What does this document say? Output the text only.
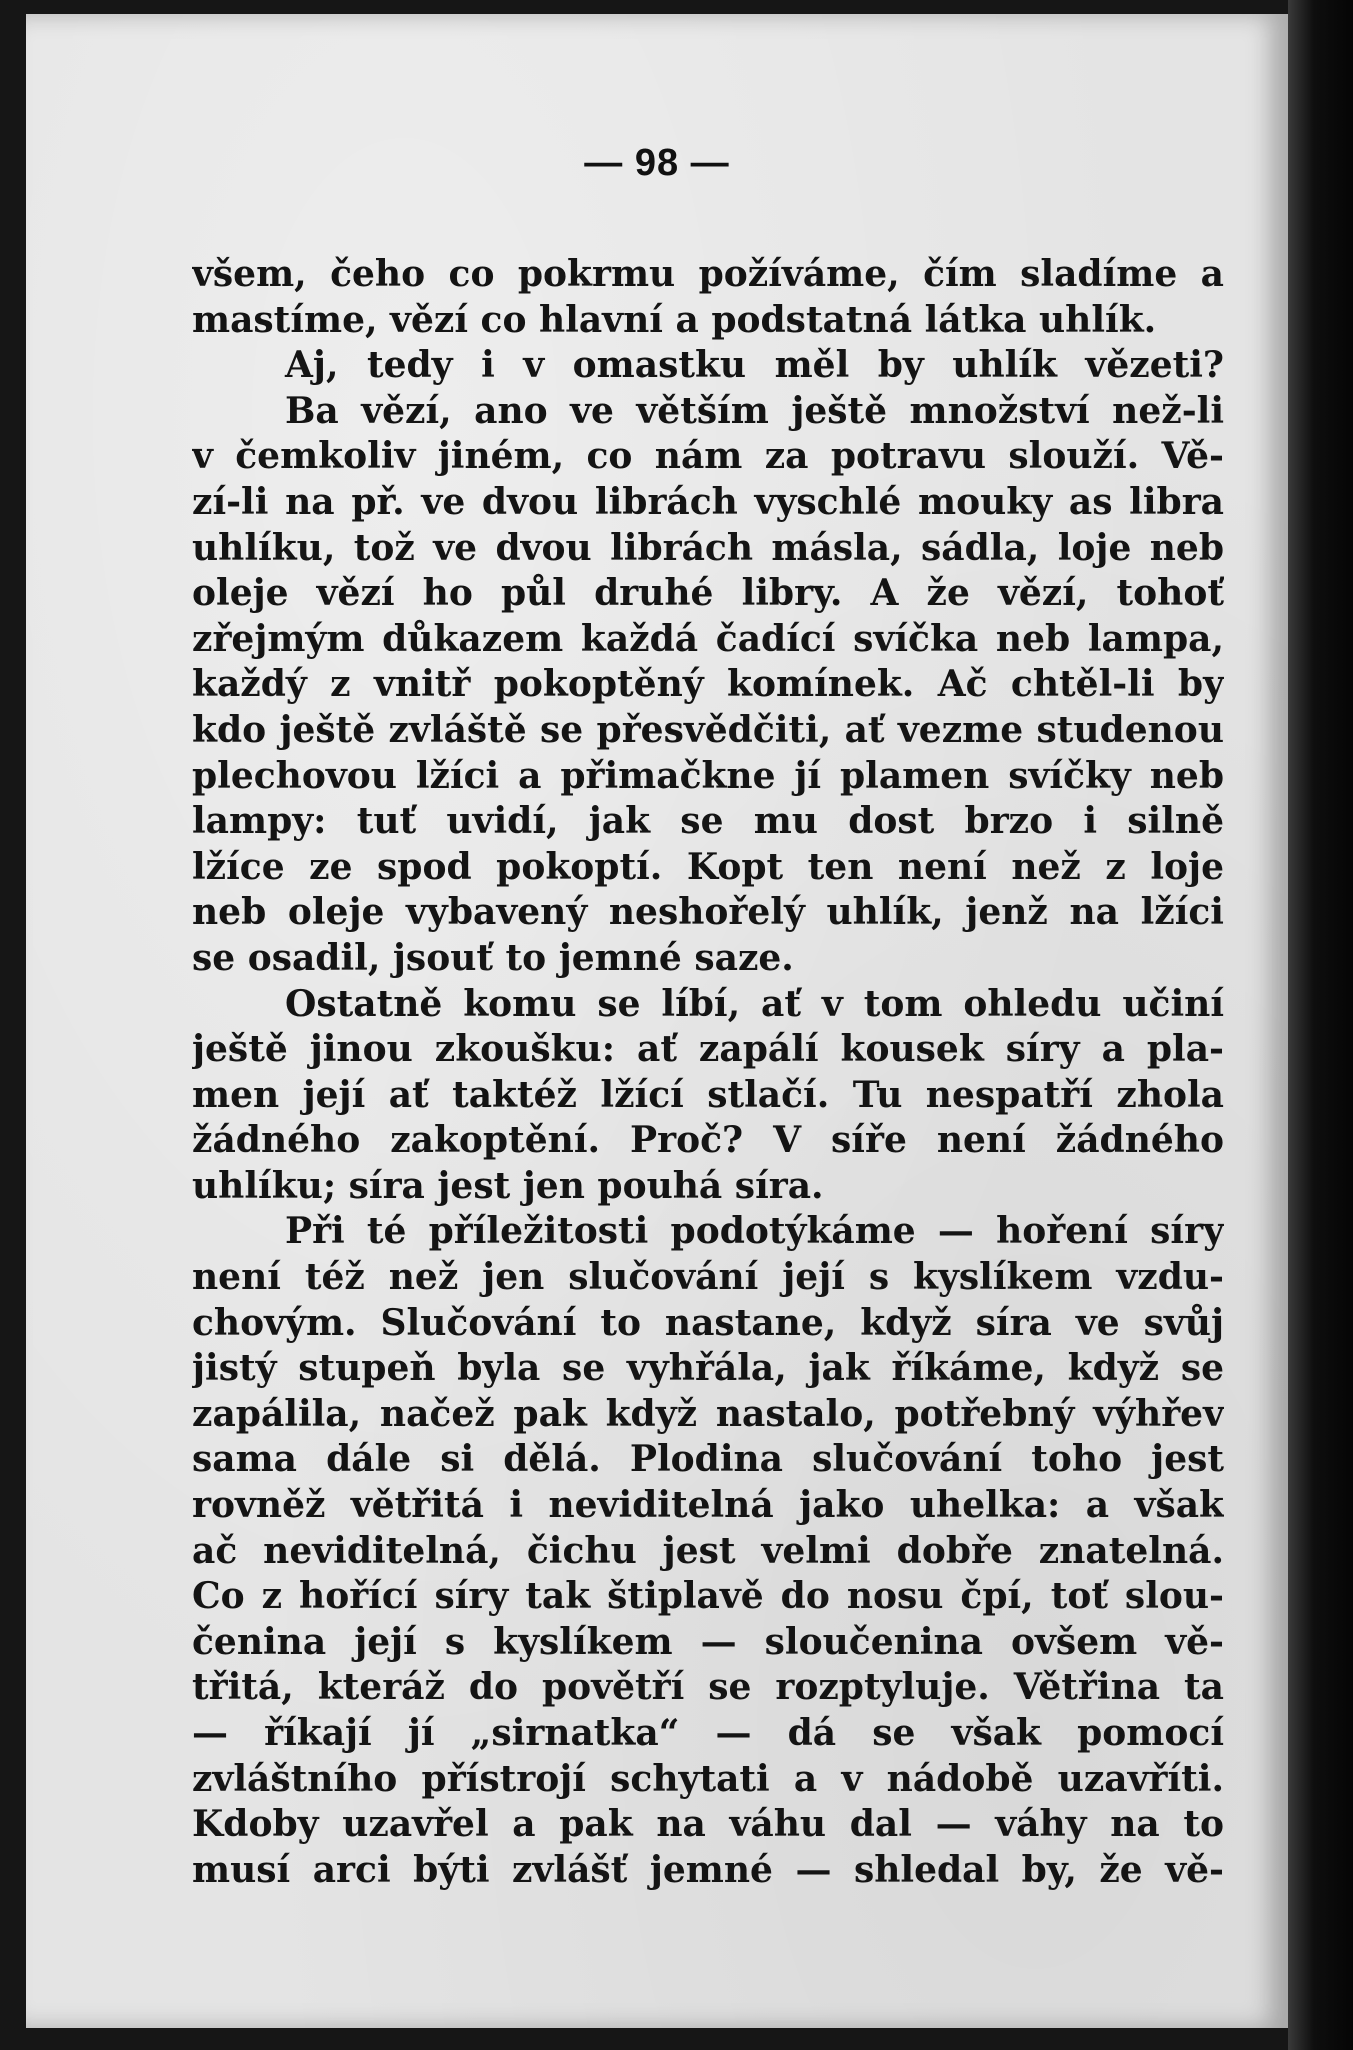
— 98 —
všem, čeho co pokrmu požíváme, čím sladíme a
mastíme, vězí co hlavní a podstatná látka uhlík.
Aj, tedy i v omastku měl by uhlík vězeti?
Ba vězí, ano ve větším ještě množství než-li
v čemkoliv jiném, co nám za potravu slouží. Vě-
zí-li na př. ve dvou librách vyschlé mouky as libra
uhlíku, tož ve dvou librách másla, sádla, loje neb
oleje vězí ho půl druhé libry. A že vězí, tohoť
zřejmým důkazem každá čadící svíčka neb lampa,
každý z vnitř pokoptěný komínek. Ač chtěl-li by
kdo ještě zvláště se přesvědčiti, ať vezme studenou
plechovou lžíci a přimačkne jí plamen svíčky neb
lampy: tuť uvidí, jak se mu dost brzo i silně
lžíce ze spod pokoptí. Kopt ten není než z loje
neb oleje vybavený neshořelý uhlík, jenž na lžíci
se osadil, jsouť to jemné saze.
Ostatně komu se líbí, ať v tom ohledu učiní
ještě jinou zkoušku: ať zapálí kousek síry a pla-
men její ať taktéž lžící stlačí. Tu nespatří zhola
žádného zakoptění. Proč? V síře není žádného
uhlíku; síra jest jen pouhá síra.
Při té příležitosti podotýkáme — hoření síry
není též než jen slučování její s kyslíkem vzdu-
chovým. Slučování to nastane, když síra ve svůj
jistý stupeň byla se vyhřála, jak říkáme, když se
zapálila, načež pak když nastalo, potřebný výhřev
sama dále si dělá. Plodina slučování toho jest
rovněž větřitá i neviditelná jako uhelka: a však
ač neviditelná, čichu jest velmi dobře znatelná.
Co z hořící síry tak štiplavě do nosu čpí, toť slou-
čenina její s kyslíkem — sloučenina ovšem vě-
třitá, kteráž do povětří se rozptyluje. Větřina ta
— říkají jí „sirnatka“ — dá se však pomocí
zvláštního přístrojí schytati a v nádobě uzavříti.
Kdoby uzavřel a pak na váhu dal — váhy na to
musí arci býti zvlášť jemné — shledal by, že vě-
